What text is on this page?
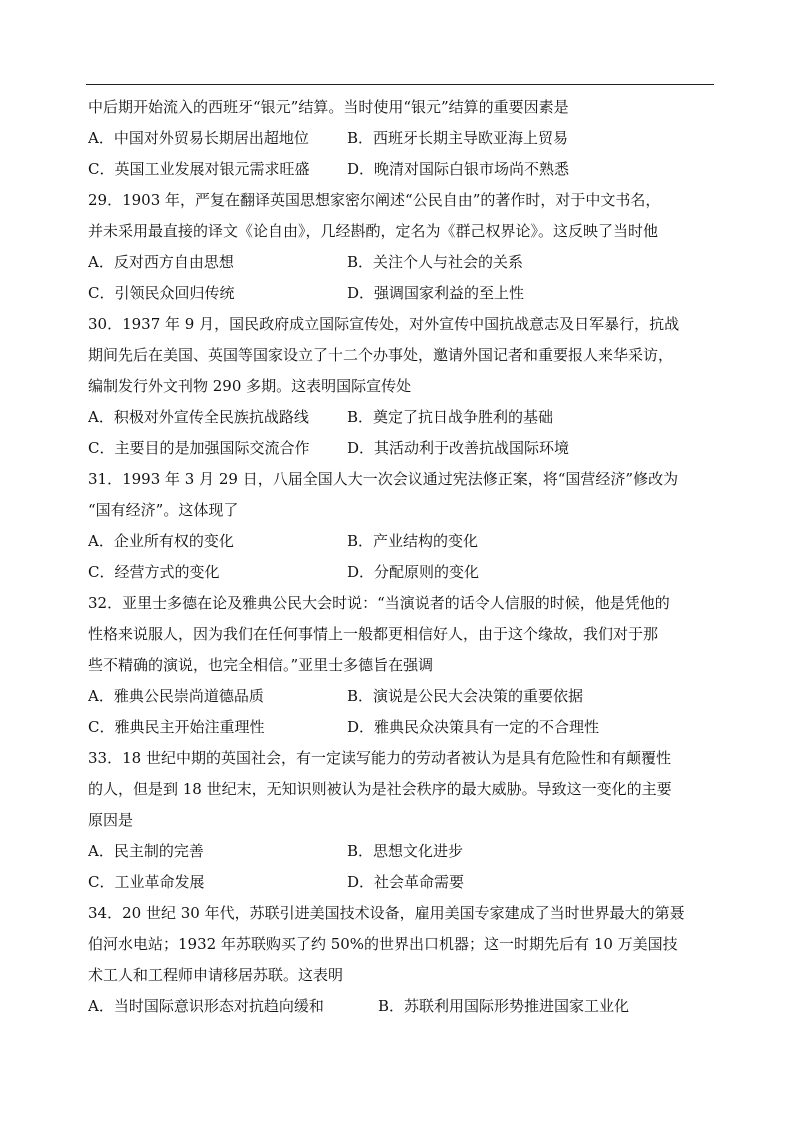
中后期开始流入的西班牙“银元”结算。当时使用“银元”结算的重要因素是
A．中国对外贸易长期居出超地位	B．西班牙长期主导欧亚海上贸易
C．英国工业发展对银元需求旺盛	D．晚清对国际白银市场尚不熟悉
29．1903 年，严复在翻译英国思想家密尔阐述“公民自由”的著作时，对于中文书名，
并未采用最直接的译文《论自由》，几经斟酌，定名为《群己权界论》。这反映了当时他
A．反对西方自由思想	B．关注个人与社会的关系
C．引领民众回归传统	D．强调国家利益的至上性
30．1937 年 9 月，国民政府成立国际宣传处，对外宣传中国抗战意志及日军暴行，抗战
期间先后在美国、英国等国家设立了十二个办事处，邀请外国记者和重要报人来华采访，
编制发行外文刊物 290 多期。这表明国际宣传处
A．积极对外宣传全民族抗战路线	B．奠定了抗日战争胜利的基础
C．主要目的是加强国际交流合作	D．其活动利于改善抗战国际环境
31．1993 年 3 月 29 日，八届全国人大一次会议通过宪法修正案，将“国营经济”修改为
“国有经济”。这体现了
A．企业所有权的变化	B．产业结构的变化
C．经营方式的变化	D．分配原则的变化
32．亚里士多德在论及雅典公民大会时说：“当演说者的话令人信服的时候，他是凭他的
性格来说服人，因为我们在任何事情上一般都更相信好人，由于这个缘故，我们对于那
些不精确的演说，也完全相信。”亚里士多德旨在强调
A．雅典公民崇尚道德品质	B．演说是公民大会决策的重要依据
C．雅典民主开始注重理性	D．雅典民众决策具有一定的不合理性
33．18 世纪中期的英国社会，有一定读写能力的劳动者被认为是具有危险性和有颠覆性
的人，但是到 18 世纪末，无知识则被认为是社会秩序的最大威胁。导致这一变化的主要
原因是
A．民主制的完善	B．思想文化进步
C．工业革命发展	D．社会革命需要
34．20 世纪 30 年代，苏联引进美国技术设备，雇用美国专家建成了当时世界最大的第聂
伯河水电站；1932 年苏联购买了约 50%的世界出口机器；这一时期先后有 10 万美国技
术工人和工程师申请移居苏联。这表明
A．当时国际意识形态对抗趋向缓和	B．苏联利用国际形势推进国家工业化
